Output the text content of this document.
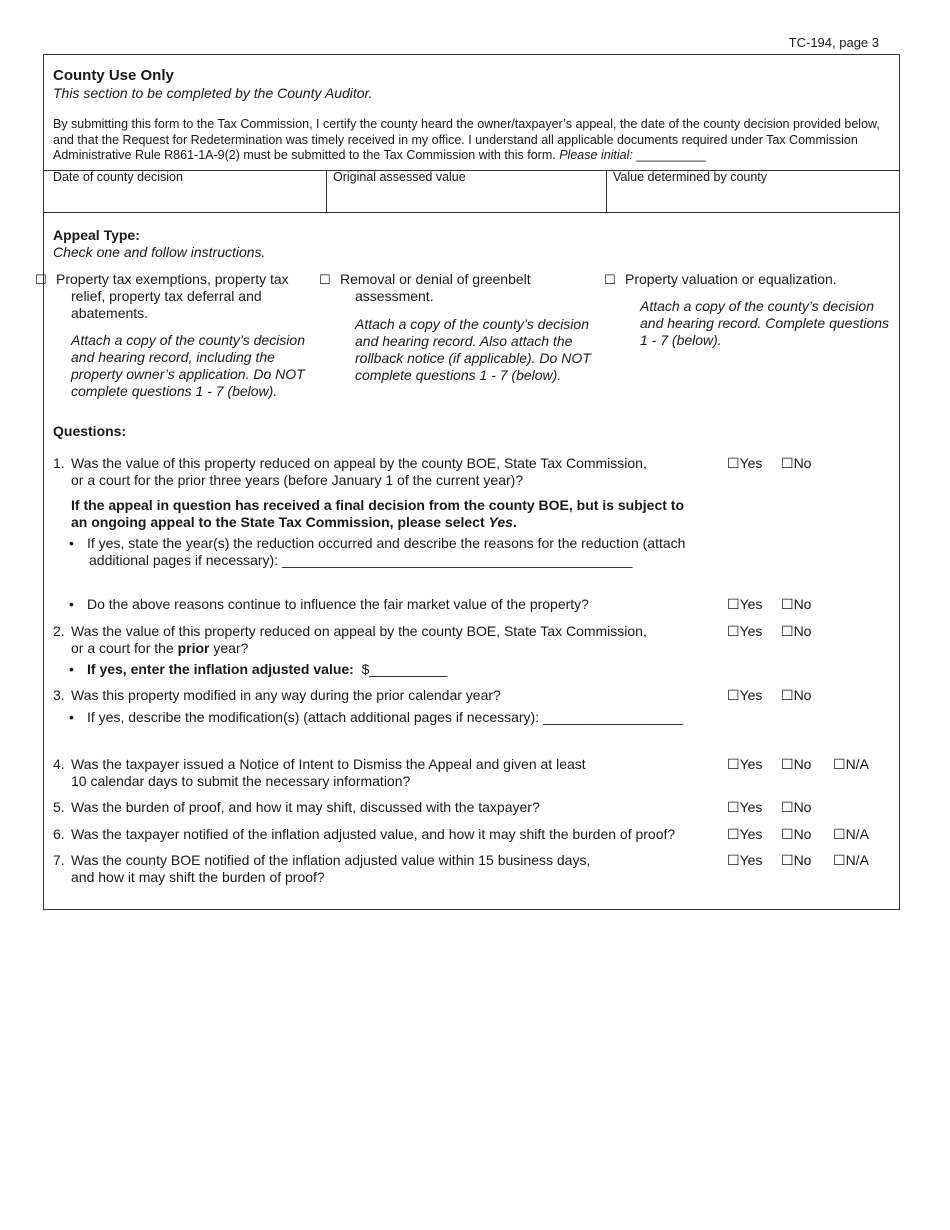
TC-194, page 3
County Use Only
This section to be completed by the County Auditor.
By submitting this form to the Tax Commission, I certify the county heard the owner/taxpayer’s appeal, the date of the county decision provided below, and that the Request for Redetermination was timely received in my office. I understand all applicable documents required under Tax Commission Administrative Rule R861-1A-9(2) must be submitted to the Tax Commission with this form. Please initial: __________
Date of county decision	Original assessed value	Value determined by county
Appeal Type:
Check one and follow instructions.
☐ Property tax exemptions, property tax relief, property tax deferral and abatements.
Attach a copy of the county’s decision and hearing record, including the property owner’s application. Do NOT complete questions 1 - 7 (below).
☐ Removal or denial of greenbelt assessment.
Attach a copy of the county’s decision and hearing record. Also attach the rollback notice (if applicable). Do NOT complete questions 1 - 7 (below).
☐ Property valuation or equalization.
Attach a copy of the county’s decision and hearing record. Complete questions 1 - 7 (below).
Questions:
1. Was the value of this property reduced on appeal by the county BOE, State Tax Commission, or a court for the prior three years (before January 1 of the current year)?
☐Yes ☐No
If the appeal in question has received a final decision from the county BOE, but is subject to an ongoing appeal to the State Tax Commission, please select Yes.
• If yes, state the year(s) the reduction occurred and describe the reasons for the reduction (attach additional pages if necessary): _____________________________________________
• Do the above reasons continue to influence the fair market value of the property?	☐Yes ☐No
2. Was the value of this property reduced on appeal by the county BOE, State Tax Commission, or a court for the prior year?
☐Yes ☐No
• If yes, enter the inflation adjusted value: $__________
3. Was this property modified in any way during the prior calendar year?	☐Yes ☐No
• If yes, describe the modification(s) (attach additional pages if necessary): __________________
4. Was the taxpayer issued a Notice of Intent to Dismiss the Appeal and given at least 10 calendar days to submit the necessary information?
☐Yes ☐No ☐N/A
5. Was the burden of proof, and how it may shift, discussed with the taxpayer?	☐Yes ☐No
6. Was the taxpayer notified of the inflation adjusted value, and how it may shift the burden of proof?	☐Yes ☐No ☐N/A
7. Was the county BOE notified of the inflation adjusted value within 15 business days, and how it may shift the burden of proof?
☐Yes ☐No ☐N/A
